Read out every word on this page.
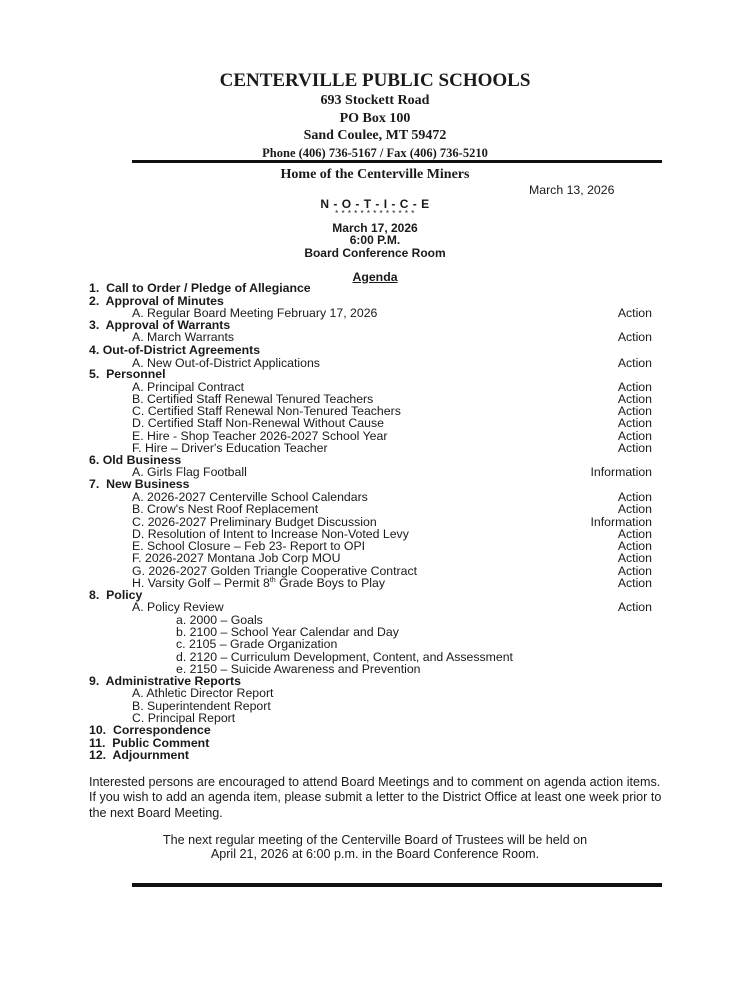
CENTERVILLE PUBLIC SCHOOLS
693 Stockett Road
PO Box 100
Sand Coulee, MT 59472
Phone (406) 736-5167 / Fax (406) 736-5210
Home of the Centerville Miners
March 13, 2026
N - O - T - I - C - E
* * * * * * * * * * * * *
March 17, 2026
6:00 P.M.
Board Conference Room
Agenda
1. Call to Order / Pledge of Allegiance
2. Approval of Minutes
A. Regular Board Meeting February 17, 2026	Action
3. Approval of Warrants
A. March Warrants	Action
4. Out-of-District Agreements
A. New Out-of-District Applications	Action
5. Personnel
A. Principal Contract	Action
B. Certified Staff Renewal Tenured Teachers	Action
C. Certified Staff Renewal Non-Tenured Teachers	Action
D. Certified Staff Non-Renewal Without Cause	Action
E. Hire - Shop Teacher 2026-2027 School Year	Action
F. Hire – Driver's Education Teacher	Action
6. Old Business
A. Girls Flag Football	Information
7. New Business
A. 2026-2027 Centerville School Calendars	Action
B. Crow's Nest Roof Replacement	Action
C. 2026-2027 Preliminary Budget Discussion	Information
D. Resolution of Intent to Increase Non-Voted Levy	Action
E. School Closure – Feb 23- Report to OPI	Action
F. 2026-2027 Montana Job Corp MOU	Action
G. 2026-2027 Golden Triangle Cooperative Contract	Action
H. Varsity Golf – Permit 8th Grade Boys to Play	Action
8. Policy
A. Policy Review	Action
a. 2000 – Goals
b. 2100 – School Year Calendar and Day
c. 2105 – Grade Organization
d. 2120 – Curriculum Development, Content, and Assessment
e. 2150 – Suicide Awareness and Prevention
9. Administrative Reports
A. Athletic Director Report
B. Superintendent Report
C. Principal Report
10. Correspondence
11. Public Comment
12. Adjournment
Interested persons are encouraged to attend Board Meetings and to comment on agenda action items. If you wish to add an agenda item, please submit a letter to the District Office at least one week prior to the next Board Meeting.
The next regular meeting of the Centerville Board of Trustees will be held on
April 21, 2026 at 6:00 p.m. in the Board Conference Room.
